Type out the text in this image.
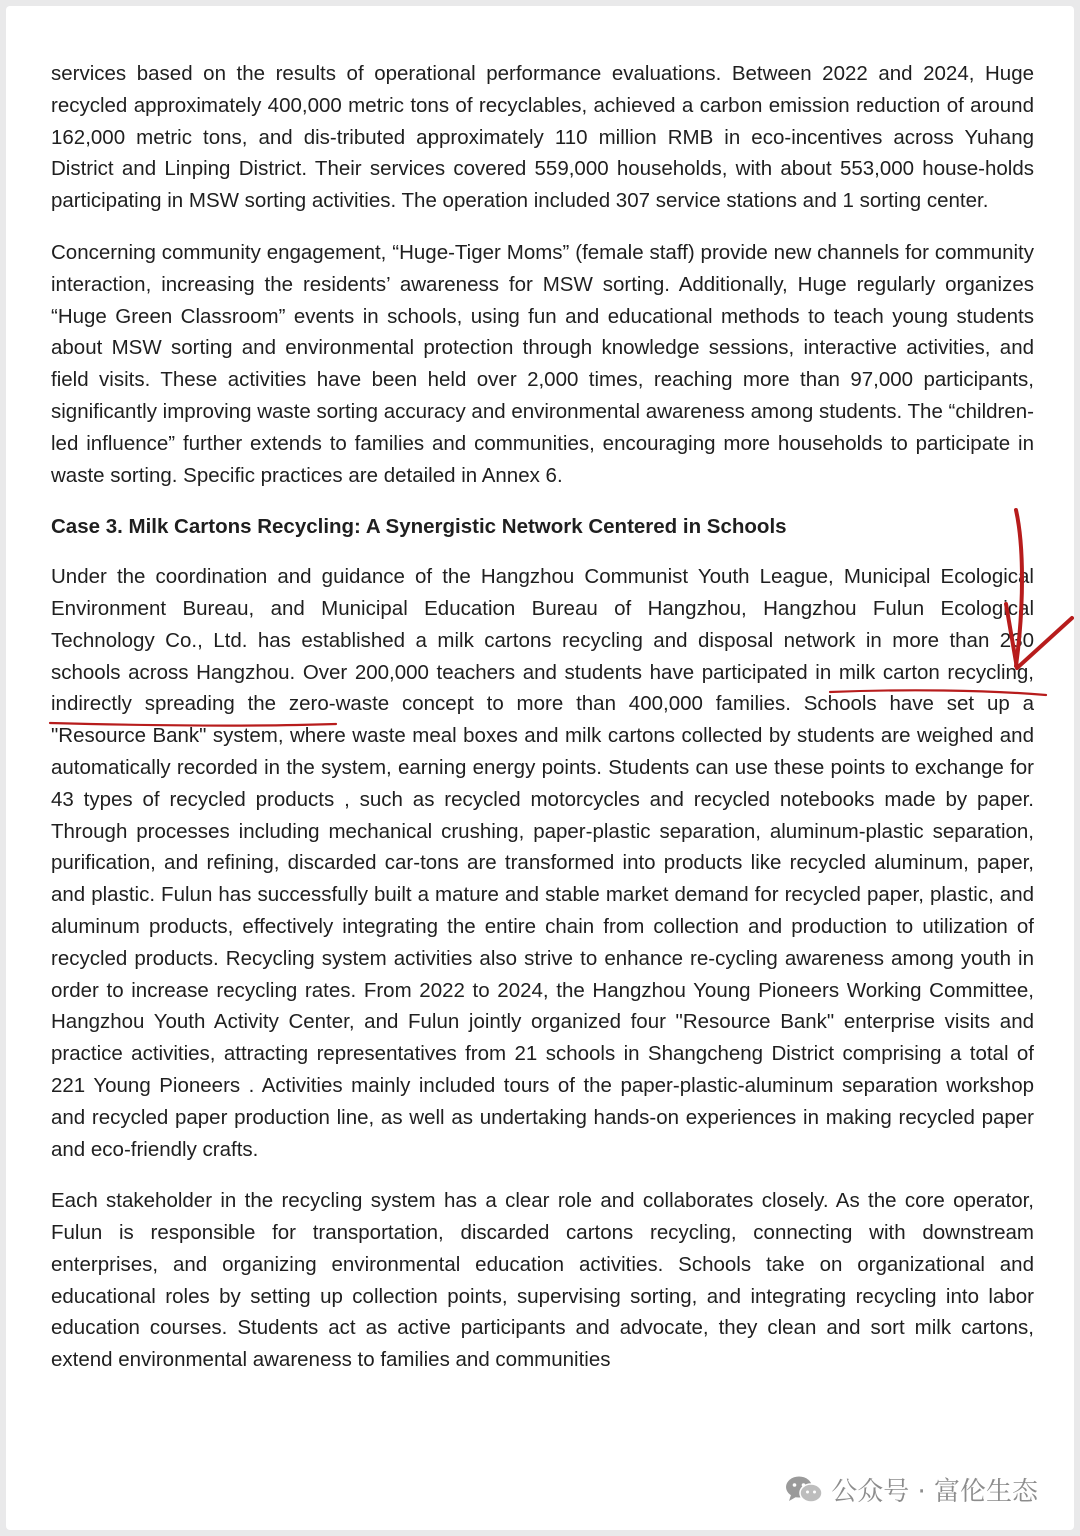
services based on the results of operational performance evaluations. Between 2022 and 2024, Huge recycled approximately 400,000 metric tons of recyclables, achieved a carbon emission reduction of around 162,000 metric tons, and dis-tributed approximately 110 million RMB in eco-incentives across Yuhang District and Linping District. Their services covered 559,000 households, with about 553,000 house-holds participating in MSW sorting activities. The operation included 307 service stations and 1 sorting center.

Concerning community engagement, “Huge-Tiger Moms” (female staff) provide new channels for community interaction, increasing the residents’ awareness for MSW sorting. Additionally, Huge regularly organizes “Huge Green Classroom” events in schools, using fun and educational methods to teach young students about MSW sorting and environmental protection through knowledge sessions, interactive activities, and field visits. These activities have been held over 2,000 times, reaching more than 97,000 participants, significantly improving waste sorting accuracy and environmental awareness among students. The “children-led influence” further extends to families and communities, encouraging more households to participate in waste sorting. Specific practices are detailed in Annex 6.

Case 3. Milk Cartons Recycling: A Synergistic Network Centered in Schools

Under the coordination and guidance of the Hangzhou Communist Youth League, Municipal Ecological Environment Bureau, and Municipal Education Bureau of Hangzhou, Hangzhou Fulun Ecological Technology Co., Ltd. has established a milk cartons recycling and disposal network in more than 230 schools across Hangzhou. Over 200,000 teachers and students have participated in milk carton recycling, indirectly spreading the zero-waste concept to more than 400,000 families. Schools have set up a "Resource Bank" system, where waste meal boxes and milk cartons collected by students are weighed and automatically recorded in the system, earning energy points. Students can use these points to exchange for 43 types of recycled products , such as recycled motorcycles and recycled notebooks made by paper. Through processes including mechanical crushing, paper-plastic separation, aluminum-plastic separation, purification, and refining, discarded car-tons are transformed into products like recycled aluminum, paper, and plastic. Fulun has successfully built a mature and stable market demand for recycled paper, plastic, and aluminum products, effectively integrating the entire chain from collection and production to utilization of recycled products. Recycling system activities also strive to enhance re-cycling awareness among youth in order to increase recycling rates. From 2022 to 2024, the Hangzhou Young Pioneers Working Committee, Hangzhou Youth Activity Center, and Fulun jointly organized four "Resource Bank" enterprise visits and practice activities, attracting representatives from 21 schools in Shangcheng District comprising a total of 221 Young Pioneers . Activities mainly included tours of the paper-plastic-aluminum separation workshop and recycled paper production line, as well as undertaking hands-on experiences in making recycled paper and eco-friendly crafts.

Each stakeholder in the recycling system has a clear role and collaborates closely. As the core operator, Fulun is responsible for transportation, discarded cartons recycling, connecting with downstream enterprises, and organizing environmental education activities. Schools take on organizational and educational roles by setting up collection points, supervising sorting, and integrating recycling into labor education courses. Students act as active participants and advocate, they clean and sort milk cartons, extend environmental awareness to families and communities

公众号 · 富伦生态
